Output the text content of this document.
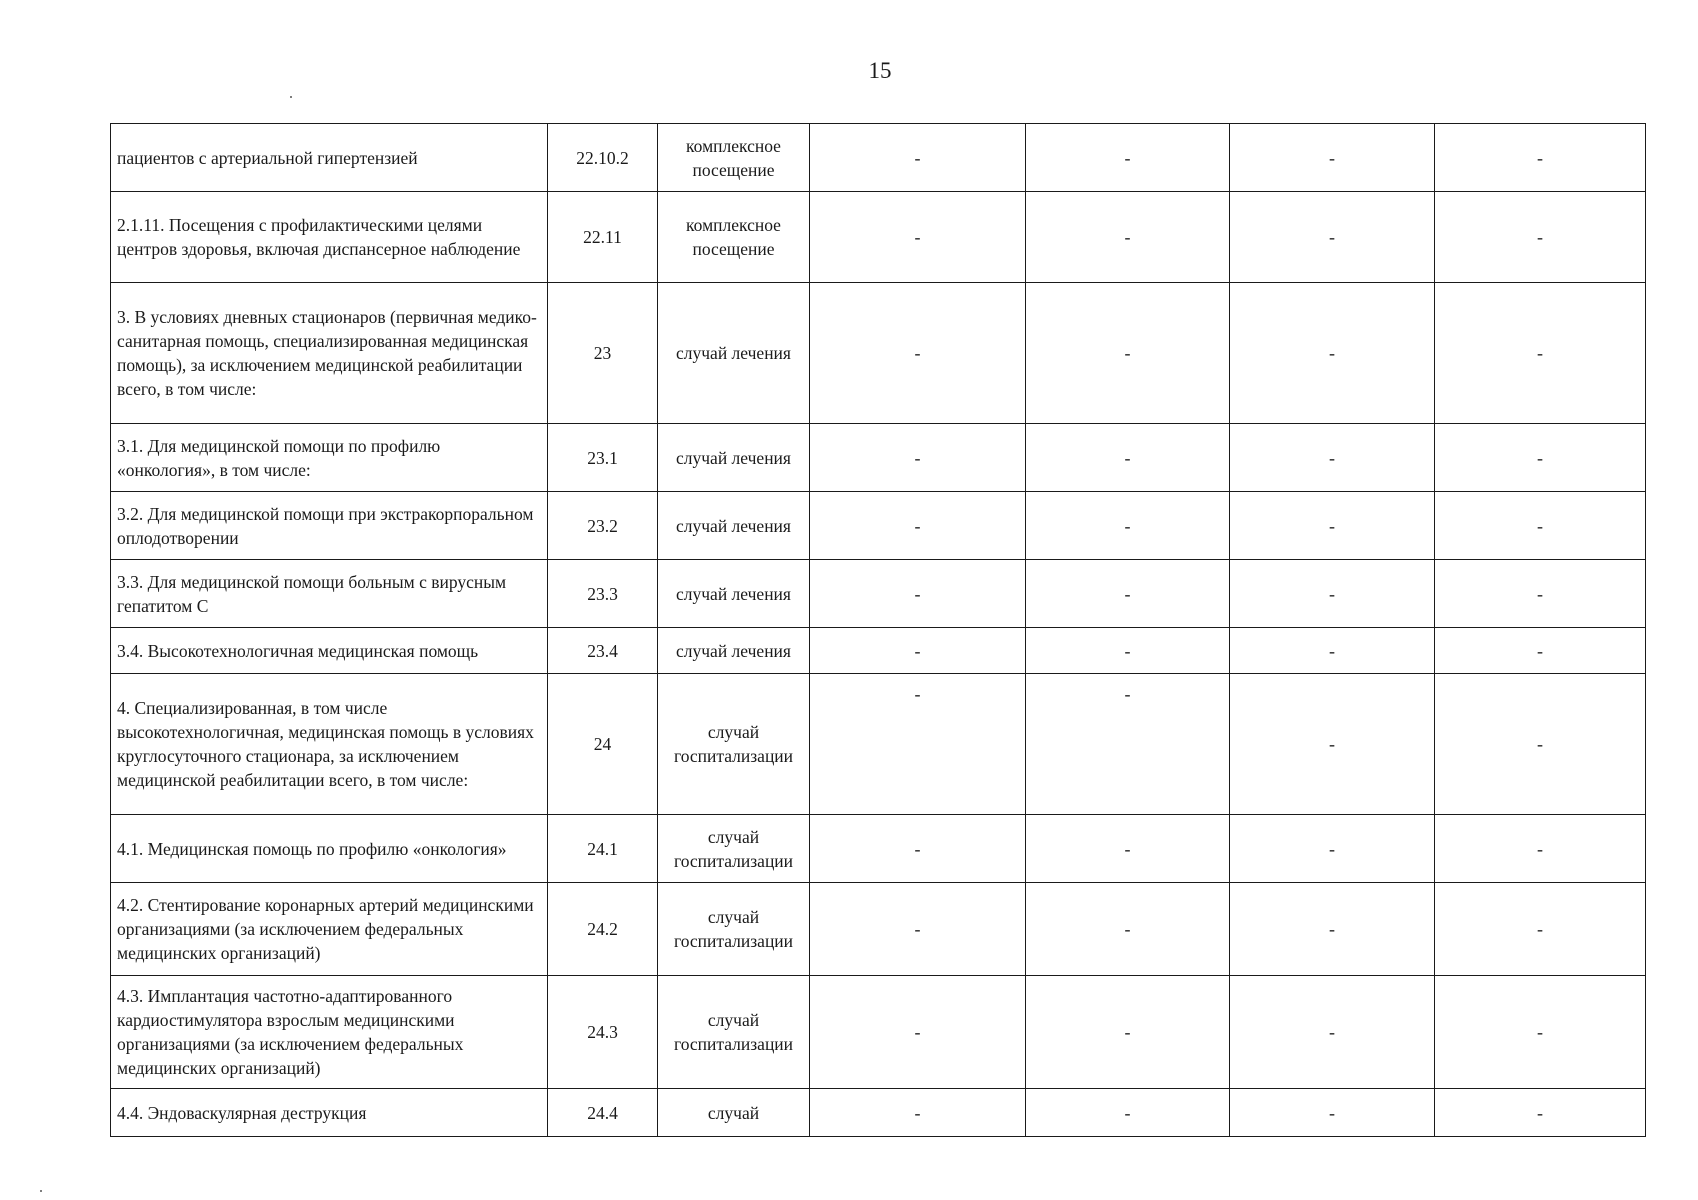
15
пациентов с артериальной гипертензией	22.10.2	комплексное посещение	-	-	-	-
2.1.11. Посещения с профилактическими целями центров здоровья, включая диспансерное наблюдение	22.11	комплексное посещение	-	-	-	-
3. В условиях дневных стационаров (первичная медико-санитарная помощь, специализированная медицинская помощь), за исключением медицинской реабилитации всего, в том числе:	23	случай лечения	-	-	-	-
3.1. Для медицинской помощи по профилю «онкология», в том числе:	23.1	случай лечения	-	-	-	-
3.2. Для медицинской помощи при экстракорпоральном оплодотворении	23.2	случай лечения	-	-	-	-
3.3. Для медицинской помощи больным с вирусным гепатитом С	23.3	случай лечения	-	-	-	-
3.4. Высокотехнологичная медицинская помощь	23.4	случай лечения	-	-	-	-
4. Специализированная, в том числе высокотехнологичная, медицинская помощь в условиях круглосуточного стационара, за исключением медицинской реабилитации всего, в том числе:	24	случай госпитализации	-	-	-	-
4.1. Медицинская помощь по профилю «онкология»	24.1	случай госпитализации	-	-	-	-
4.2. Стентирование коронарных артерий медицинскими организациями (за исключением федеральных медицинских организаций)	24.2	случай госпитализации	-	-	-	-
4.3. Имплантация частотно-адаптированного кардиостимулятора взрослым медицинскими организациями (за исключением федеральных медицинских организаций)	24.3	случай госпитализации	-	-	-	-
4.4. Эндоваскулярная деструкция	24.4	случай	-	-	-	-
